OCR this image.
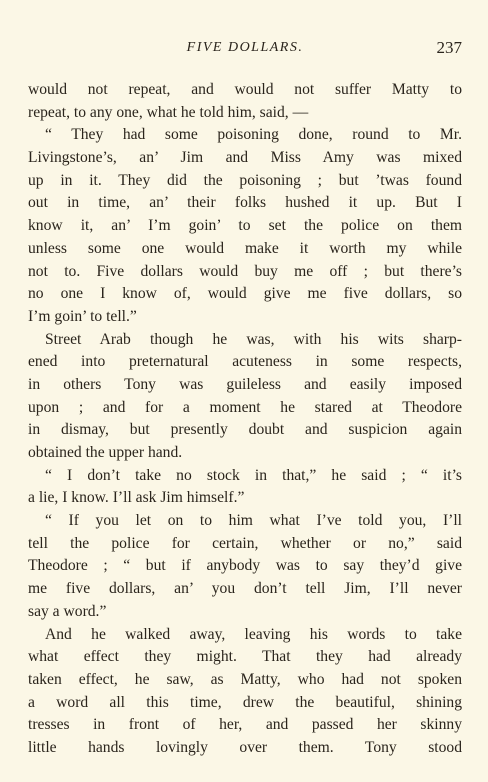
FIVE DOLLARS.	237
would not repeat, and would not suffer Matty to
repeat, to any one, what he told him, said, —
“ They had some poisoning done, round to Mr.
Livingstone’s, an’ Jim and Miss Amy was mixed
up in it. They did the poisoning ; but ’twas found
out in time, an’ their folks hushed it up. But I
know it, an’ I’m goin’ to set the police on them
unless some one would make it worth my while
not to. Five dollars would buy me off ; but there’s
no one I know of, would give me five dollars, so
I’m goin’ to tell.”
Street Arab though he was, with his wits sharp-
ened into preternatural acuteness in some respects,
in others Tony was guileless and easily imposed
upon ; and for a moment he stared at Theodore
in dismay, but presently doubt and suspicion again
obtained the upper hand.
“ I don’t take no stock in that,” he said ; “ it’s
a lie, I know. I’ll ask Jim himself.”
“ If you let on to him what I’ve told you, I’ll
tell the police for certain, whether or no,” said
Theodore ; “ but if anybody was to say they’d give
me five dollars, an’ you don’t tell Jim, I’ll never
say a word.”
And he walked away, leaving his words to take
what effect they might. That they had already
taken effect, he saw, as Matty, who had not spoken
a word all this time, drew the beautiful, shining
tresses in front of her, and passed her skinny
little hands lovingly over them. Tony stood
